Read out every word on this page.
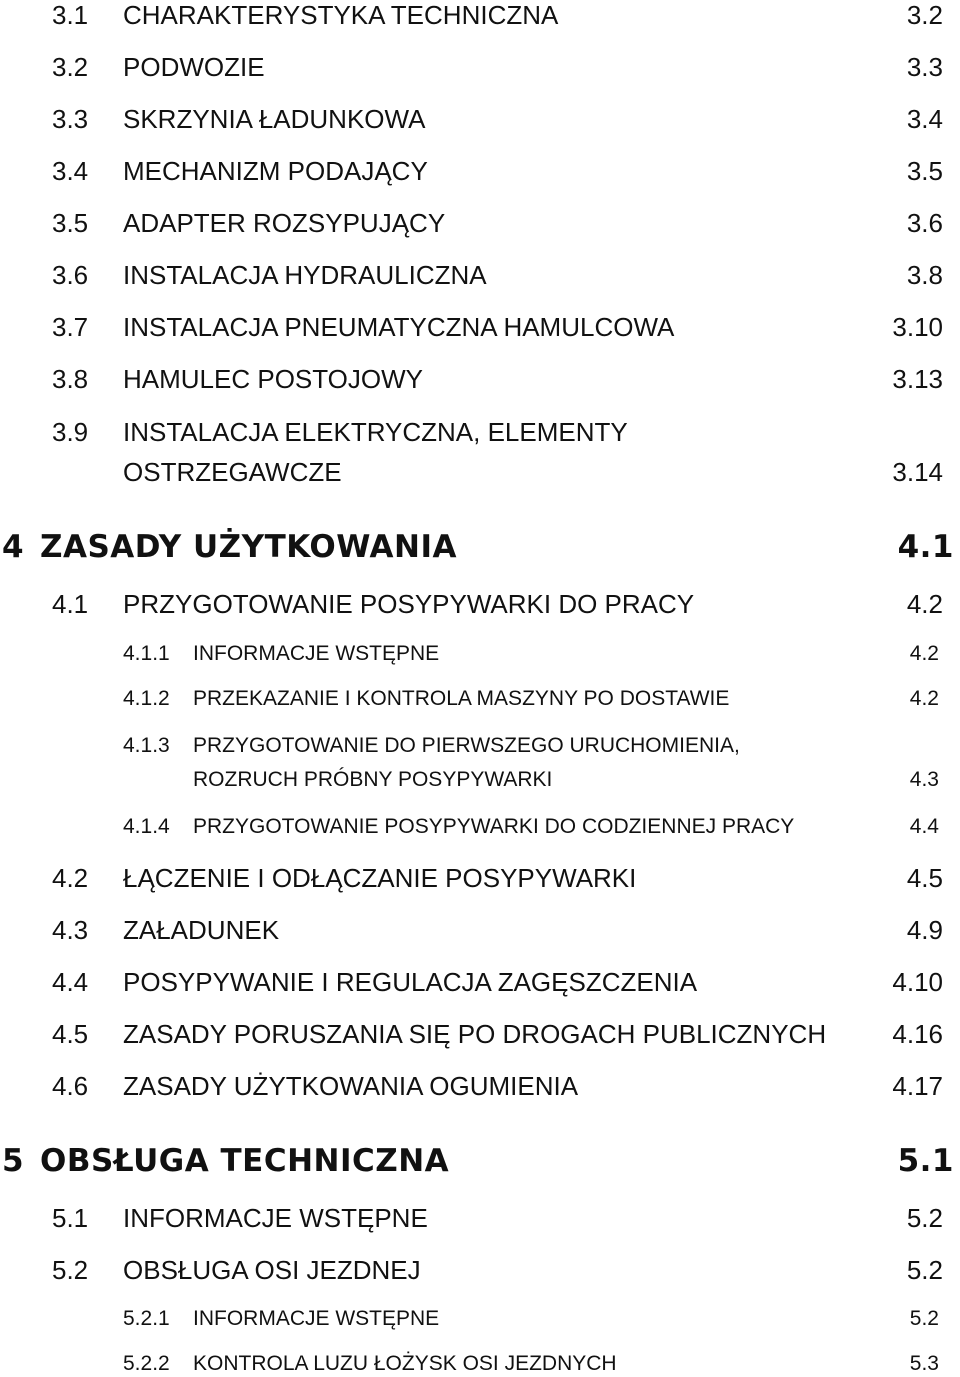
3.1 CHARAKTERYSTYKA TECHNICZNA	3.2
3.2 PODWOZIE	3.3
3.3 SKRZYNIA ŁADUNKOWA	3.4
3.4 MECHANIZM PODAJĄCY	3.5
3.5 ADAPTER ROZSYPUJĄCY	3.6
3.6 INSTALACJA HYDRAULICZNA	3.8
3.7 INSTALACJA PNEUMATYCZNA HAMULCOWA	3.10
3.8 HAMULEC POSTOJOWY	3.13
3.9 INSTALACJA ELEKTRYCZNA, ELEMENTY
OSTRZEGAWCZE	3.14
4 ZASADY UŻYTKOWANIA	4.1
4.1 PRZYGOTOWANIE POSYPYWARKI DO PRACY	4.2
4.1.1 INFORMACJE WSTĘPNE	4.2
4.1.2 PRZEKAZANIE I KONTROLA MASZYNY PO DOSTAWIE	4.2
4.1.3 PRZYGOTOWANIE DO PIERWSZEGO URUCHOMIENIA,
ROZRUCH PRÓBNY POSYPYWARKI	4.3
4.1.4 PRZYGOTOWANIE POSYPYWARKI DO CODZIENNEJ PRACY	4.4
4.2 ŁĄCZENIE I ODŁĄCZANIE POSYPYWARKI	4.5
4.3 ZAŁADUNEK	4.9
4.4 POSYPYWANIE I REGULACJA ZAGĘSZCZENIA	4.10
4.5 ZASADY PORUSZANIA SIĘ PO DROGACH PUBLICZNYCH	4.16
4.6 ZASADY UŻYTKOWANIA OGUMIENIA	4.17
5 OBSŁUGA TECHNICZNA	5.1
5.1 INFORMACJE WSTĘPNE	5.2
5.2 OBSŁUGA OSI JEZDNEJ	5.2
5.2.1 INFORMACJE WSTĘPNE	5.2
5.2.2 KONTROLA LUZU ŁOŻYSK OSI JEZDNYCH	5.3
